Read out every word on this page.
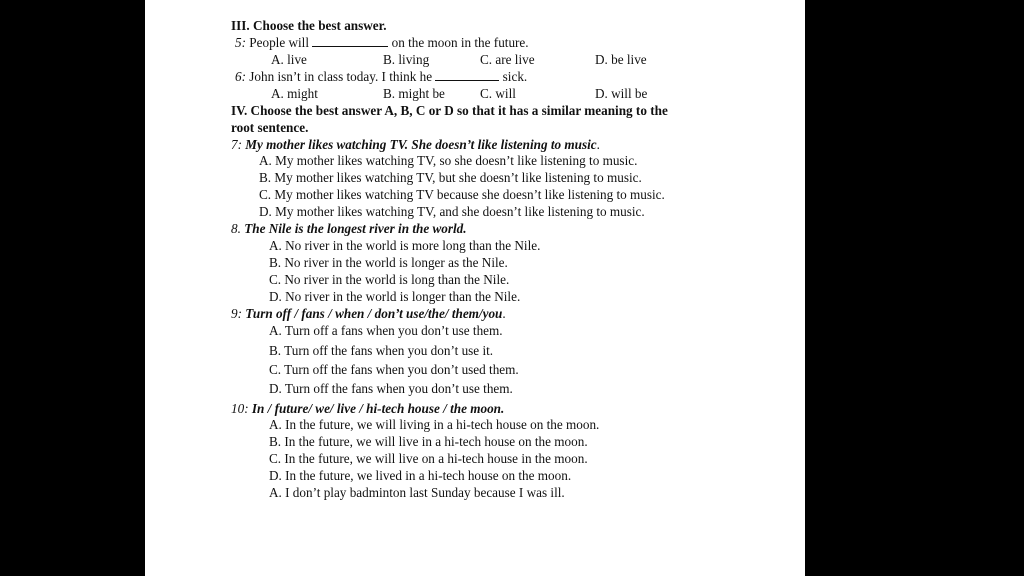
III. Choose the best answer.
5: People will	on the moon in the future.
A. live	B. living	C. are live	D. be live
6: John isn’t in class today. I think he	sick.
A. might	B. might be	C. will	D. will be
IV. Choose the best answer A, B, C or D so that it has a similar meaning to the
root sentence.
7: My mother likes watching TV. She doesn’t like listening to music.
A. My mother likes watching TV, so she doesn’t like listening to music.
B. My mother likes watching TV, but she doesn’t like listening to music.
C. My mother likes watching TV because she doesn’t like listening to music.
D. My mother likes watching TV, and she doesn’t like listening to music.
8. The Nile is the longest river in the world.
A. No river in the world is more long than the Nile.
B. No river in the world is longer as the Nile.
C. No river in the world is long than the Nile.
D. No river in the world is longer than the Nile.
9: Turn off / fans / when / don’t use/the/ them/you.
A. Turn off a fans when you don’t use them.
B. Turn off the fans when you don’t use it.
C. Turn off the fans when you don’t used them.
D. Turn off the fans when you don’t use them.
10: In / future/ we/ live / hi-tech house / the moon.
A. In the future, we will living in a hi-tech house on the moon.
B. In the future, we will live in a hi-tech house on the moon.
C. In the future, we will live on a hi-tech house in the moon.
D. In the future, we lived in a hi-tech house on the moon.
A. I don’t play badminton last Sunday because I was ill.
